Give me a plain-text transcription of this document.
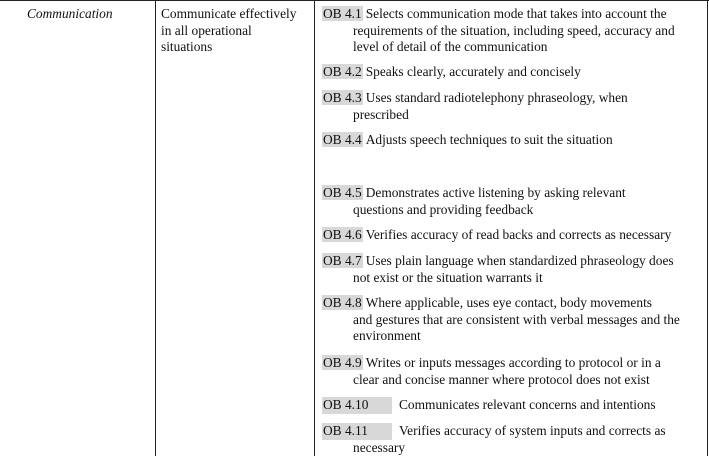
Communication	Communicate effectively
in all operational
situations
OB 4.1 Selects communication mode that takes into account the
requirements of the situation, including speed, accuracy and
level of detail of the communication
OB 4.2 Speaks clearly, accurately and concisely
OB 4.3 Uses standard radiotelephony phraseology, when
prescribed
OB 4.4 Adjusts speech techniques to suit the situation
OB 4.5 Demonstrates active listening by asking relevant
questions and providing feedback
OB 4.6 Verifies accuracy of read backs and corrects as necessary
OB 4.7 Uses plain language when standardized phraseology does
not exist or the situation warrants it
OB 4.8 Where applicable, uses eye contact, body movements
and gestures that are consistent with verbal messages and the
environment
OB 4.9 Writes or inputs messages according to protocol or in a
clear and concise manner where protocol does not exist
OB 4.10 Communicates relevant concerns and intentions
OB 4.11 Verifies accuracy of system inputs and corrects as
necessary
